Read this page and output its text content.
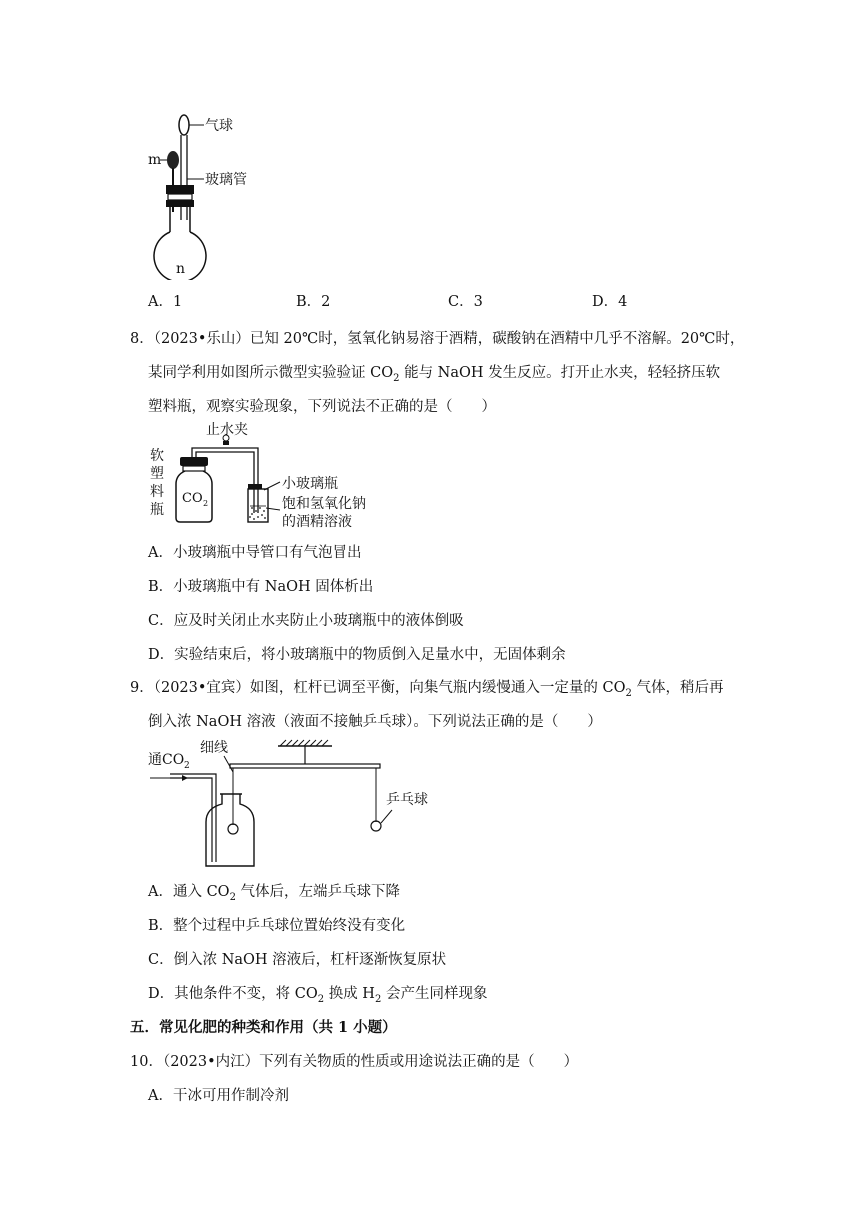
气球
玻璃管
m
n
A．1	B．2	C．3	D．4
8．（2023•乐山）已知 20℃时，氢氧化钠易溶于酒精，碳酸钠在酒精中几乎不溶解。20℃时，
某同学利用如图所示微型实验验证 $CO_2$ 能与 NaOH 发生反应。打开止水夹，轻轻挤压软
塑料瓶，观察实验现象，下列说法不正确的是（　　）
止水夹
软
塑
料
瓶
CO 2
小玻璃瓶
饱和氢氧化钠
的酒精溶液
A．小玻璃瓶中导管口有气泡冒出
B．小玻璃瓶中有 NaOH 固体析出
C．应及时关闭止水夹防止小玻璃瓶中的液体倒吸
D．实验结束后，将小玻璃瓶中的物质倒入足量水中，无固体剩余
9．（2023•宜宾）如图，杠杆已调至平衡，向集气瓶内缓慢通入一定量的 $CO_2$ 气体，稍后再
倒入浓 NaOH 溶液（液面不接触乒乓球）。下列说法正确的是（　　）
乒乓球
细线
通CO 2
A．通入 $CO_2$ 气体后，左端乒乓球下降
B．整个过程中乒乓球位置始终没有变化
C．倒入浓 NaOH 溶液后，杠杆逐渐恢复原状
D．其他条件不变，将 $CO_2$ 换成 $H_2$ 会产生同样现象
五．常见化肥的种类和作用（共 1 小题）
10．（2023•内江）下列有关物质的性质或用途说法正确的是（　　）
A．干冰可用作制冷剂
